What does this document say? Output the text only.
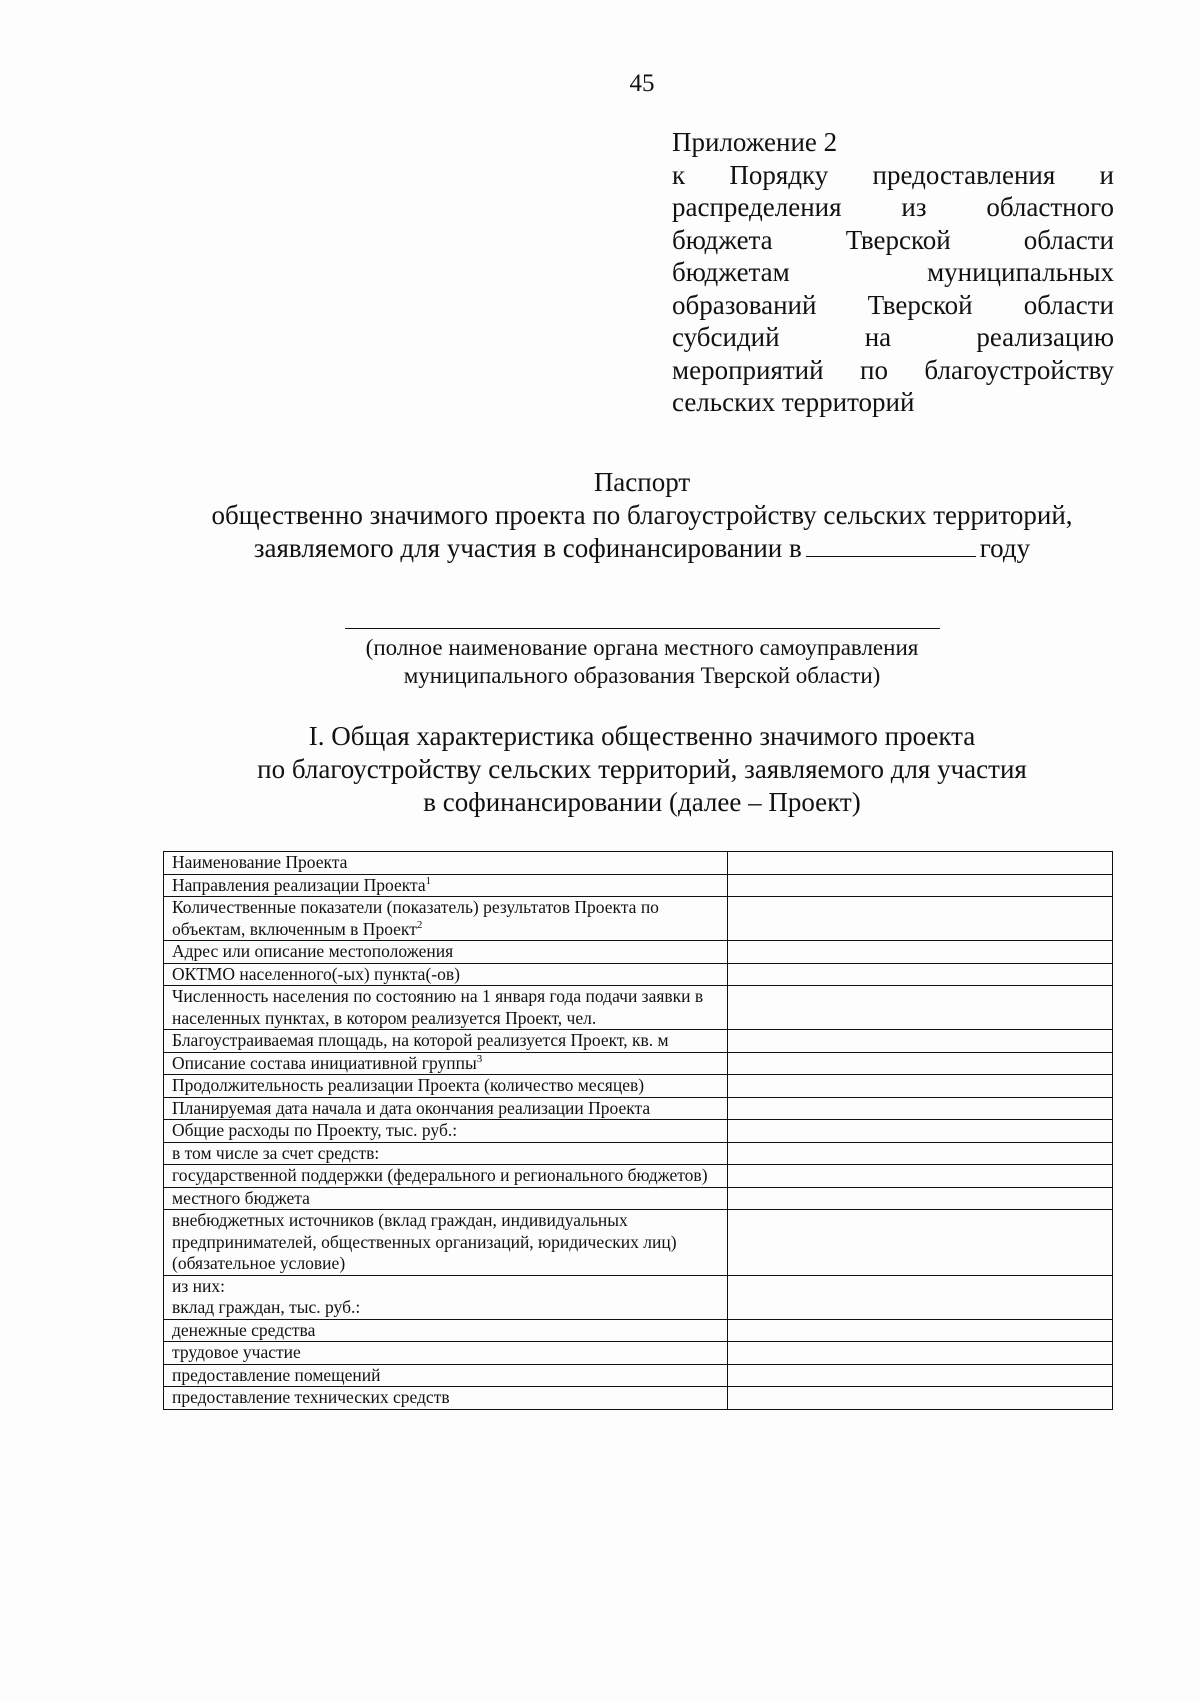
45
Приложение 2
к Порядку предоставления и
распределения из областного
бюджета Тверской области
бюджетам муниципальных
образований Тверской области
субсидий на реализацию
мероприятий по благоустройству
сельских территорий
Паспорт
общественно значимого проекта по благоустройству сельских территорий,
заявляемого для участия в софинансировании в	году
(полное наименование органа местного самоуправления
муниципального образования Тверской области)
I. Общая характеристика общественно значимого проекта
по благоустройству сельских территорий, заявляемого для участия
в софинансировании (далее – Проект)
Наименование Проекта	
Направления реализации Проекта$^1$	
Количественные показатели (показатель) результатов Проекта по объектам, включенным в Проект$^2$	
Адрес или описание местоположения	
ОКТМО населенного(-ых) пункта(-ов)	
Численность населения по состоянию на 1 января года подачи заявки в населенных пунктах, в котором реализуется Проект, чел.	
Благоустраиваемая площадь, на которой реализуется Проект, кв. м	
Описание состава инициативной группы$^3$	
Продолжительность реализации Проекта (количество месяцев)	
Планируемая дата начала и дата окончания реализации Проекта	
Общие расходы по Проекту, тыс. руб.:	
в том числе за счет средств:	
государственной поддержки (федерального и регионального бюджетов)	
местного бюджета	
внебюджетных источников (вклад граждан, индивидуальных предпринимателей, общественных организаций, юридических лиц) (обязательное условие)	
из них:
вклад граждан, тыс. руб.:	
денежные средства	
трудовое участие	
предоставление помещений	
предоставление технических средств	
